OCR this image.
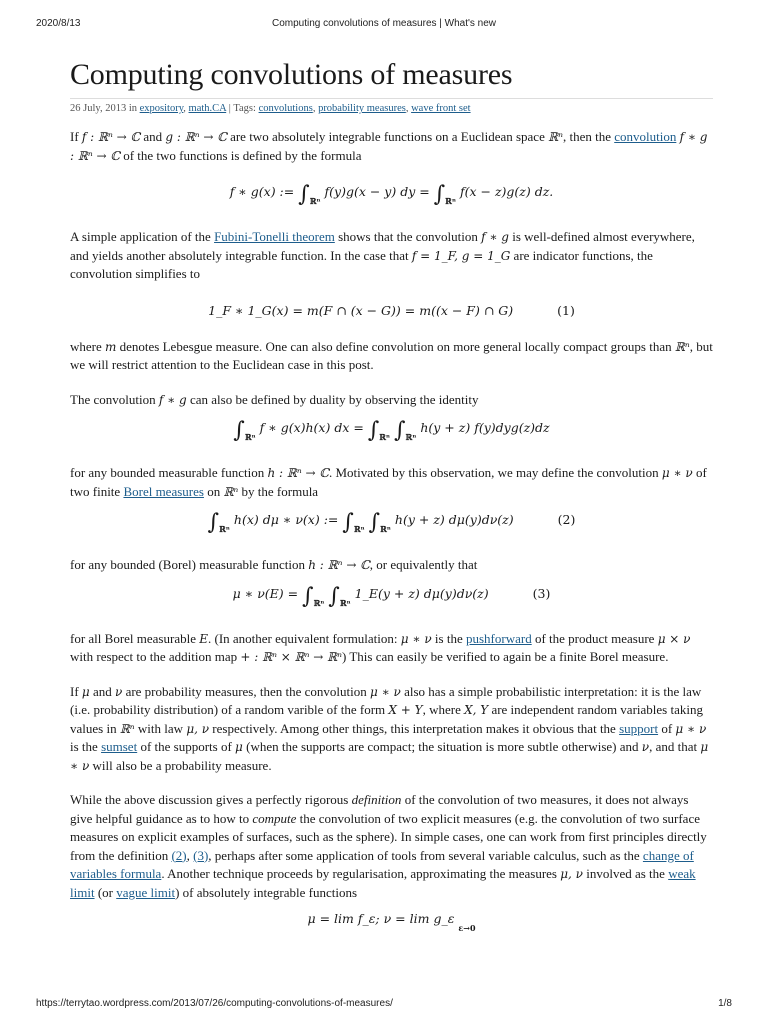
2020/8/13	Computing convolutions of measures | What's new
Computing convolutions of measures
26 July, 2013 in expository, math.CA | Tags: convolutions, probability measures, wave front set

If f : ℝⁿ → ℂ and g : ℝⁿ → ℂ are two absolutely integrable functions on a Euclidean space ℝⁿ, then the convolution f ∗ g : ℝⁿ → ℂ of the two functions is defined by the formula

f ∗ g(x) := $\int_{ℝ^n}$ f(y)g(x − y) dy = $\int_{ℝ^n}$ f(x − z)g(z) dz.

A simple application of the Fubini-Tonelli theorem shows that the convolution f ∗ g is well-defined almost everywhere, and yields another absolutely integrable function. In the case that f = 1_F, g = 1_G are indicator functions, the convolution simplifies to

1_F ∗ 1_G(x) = m(F ∩ (x − G)) = m((x − F) ∩ G)	(1)

where m denotes Lebesgue measure. One can also define convolution on more general locally compact groups than ℝⁿ, but we will restrict attention to the Euclidean case in this post.

The convolution f ∗ g can also be defined by duality by observing the identity

$\int_{ℝ^n}$ f ∗ g(x)h(x) dx = $\int_{ℝ^n}$ $\int_{ℝ^n}$ h(y + z) f(y)dyg(z)dz

for any bounded measurable function h : ℝⁿ → ℂ. Motivated by this observation, we may define the convolution μ ∗ ν of two finite Borel measures on ℝⁿ by the formula

$\int_{ℝ^n}$ h(x) dμ ∗ ν(x) := $\int_{ℝ^n}$ $\int_{ℝ^n}$ h(y + z) dμ(y)dν(z)	(2)

for any bounded (Borel) measurable function h : ℝⁿ → ℂ, or equivalently that

μ ∗ $\nu(E) = \int_{ℝ^n}$ $\int_{ℝ^n}$ 1_E(y + z) dμ(y)dν(z)	(3)

for all Borel measurable E. (In another equivalent formulation: μ ∗ ν is the pushforward of the product measure μ × ν with respect to the addition map + : ℝⁿ × ℝⁿ → ℝⁿ) This can easily be verified to again be a finite Borel measure.

If μ and ν are probability measures, then the convolution μ ∗ ν also has a simple probabilistic interpretation: it is the law (i.e. probability distribution) of a random varible of the form X + Y, where X, Y are independent random variables taking values in ℝⁿ with law μ, ν respectively. Among other things, this interpretation makes it obvious that the support of μ ∗ ν is the sumset of the supports of μ (when the supports are compact; the situation is more subtle otherwise) and ν, and that μ ∗ ν will also be a probability measure.

While the above discussion gives a perfectly rigorous definition of the convolution of two measures, it does not always give helpful guidance as to how to compute the convolution of two explicit measures (e.g. the convolution of two surface measures on explicit examples of surfaces, such as the sphere). In simple cases, one can work from first principles directly from the definition (2), (3), perhaps after some application of tools from several variable calculus, such as the change of variables formula. Another technique proceeds by regularisation, approximating the measures μ, ν involved as the weak limit (or vague limit) of absolutely integrable functions

μ = lim f_ε; ν = lim g_ε $_{\varepsilon\to 0}$
https://terrytao.wordpress.com/2013/07/26/computing-convolutions-of-measures/	1/8
